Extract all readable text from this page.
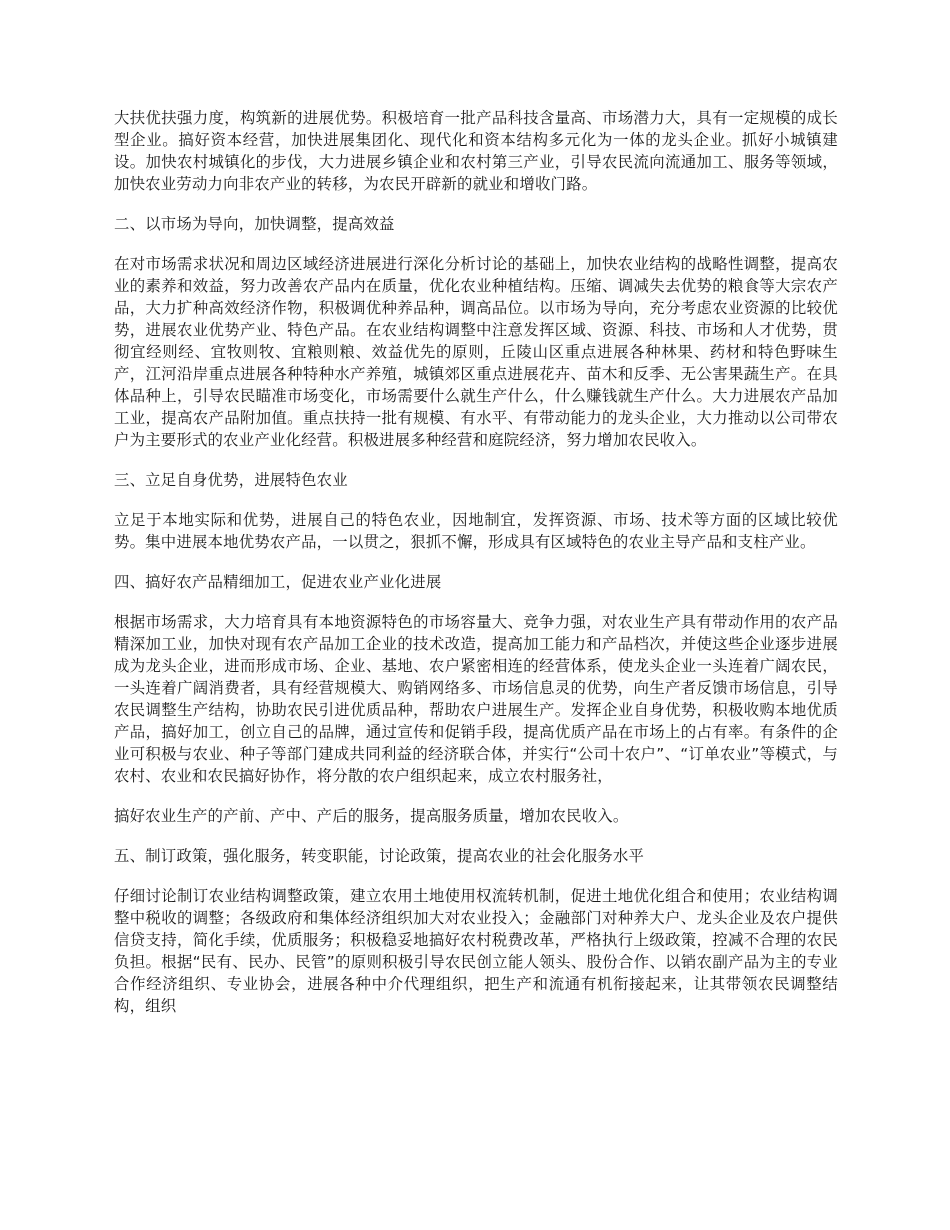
大扶优扶强力度，构筑新的进展优势。积极培育一批产品科技含量高、市场潜力大，具有一定规模的成长型企业。搞好资本经营，加快进展集团化、现代化和资本结构多元化为一体的龙头企业。抓好小城镇建设。加快农村城镇化的步伐，大力进展乡镇企业和农村第三产业，引导农民流向流通加工、服务等领域，加快农业劳动力向非农产业的转移，为农民开辟新的就业和增收门路。

二、以市场为导向，加快调整，提高效益

在对市场需求状况和周边区域经济进展进行深化分析讨论的基础上，加快农业结构的战略性调整，提高农业的素养和效益，努力改善农产品内在质量，优化农业种植结构。压缩、调减失去优势的粮食等大宗农产品，大力扩种高效经济作物，积极调优种养品种，调高品位。以市场为导向，充分考虑农业资源的比较优势，进展农业优势产业、特色产品。在农业结构调整中注意发挥区域、资源、科技、市场和人才优势，贯彻宜经则经、宜牧则牧、宜粮则粮、效益优先的原则，丘陵山区重点进展各种林果、药材和特色野味生产，江河沿岸重点进展各种特种水产养殖，城镇郊区重点进展花卉、苗木和反季、无公害果蔬生产。在具体品种上，引导农民瞄准市场变化，市场需要什么就生产什么，什么赚钱就生产什么。大力进展农产品加工业，提高农产品附加值。重点扶持一批有规模、有水平、有带动能力的龙头企业，大力推动以公司带农户为主要形式的农业产业化经营。积极进展多种经营和庭院经济，努力增加农民收入。

三、立足自身优势，进展特色农业

立足于本地实际和优势，进展自己的特色农业，因地制宜，发挥资源、市场、技术等方面的区域比较优势。集中进展本地优势农产品，一以贯之，狠抓不懈，形成具有区域特色的农业主导产品和支柱产业。

四、搞好农产品精细加工，促进农业产业化进展

根据市场需求，大力培育具有本地资源特色的市场容量大、竞争力强，对农业生产具有带动作用的农产品精深加工业，加快对现有农产品加工企业的技术改造，提高加工能力和产品档次，并使这些企业逐步进展成为龙头企业，进而形成市场、企业、基地、农户紧密相连的经营体系，使龙头企业一头连着广阔农民，一头连着广阔消费者，具有经营规模大、购销网络多、市场信息灵的优势，向生产者反馈市场信息，引导农民调整生产结构，协助农民引进优质品种，帮助农户进展生产。发挥企业自身优势，积极收购本地优质产品，搞好加工，创立自己的品牌，通过宣传和促销手段，提高优质产品在市场上的占有率。有条件的企业可积极与农业、种子等部门建成共同利益的经济联合体，并实行“公司十农户”、“订单农业”等模式，与农村、农业和农民搞好协作，将分散的农户组织起来，成立农村服务社，

搞好农业生产的产前、产中、产后的服务，提高服务质量，增加农民收入。

五、制订政策，强化服务，转变职能，讨论政策，提高农业的社会化服务水平

仔细讨论制订农业结构调整政策，建立农用土地使用权流转机制，促进土地优化组合和使用；农业结构调整中税收的调整；各级政府和集体经济组织加大对农业投入；金融部门对种养大户、龙头企业及农户提供信贷支持，简化手续，优质服务；积极稳妥地搞好农村税费改革，严格执行上级政策，控减不合理的农民负担。根据“民有、民办、民管”的原则积极引导农民创立能人领头、股份合作、以销农副产品为主的专业合作经济组织、专业协会，进展各种中介代理组织，把生产和流通有机衔接起来，让其带领农民调整结构，组织
